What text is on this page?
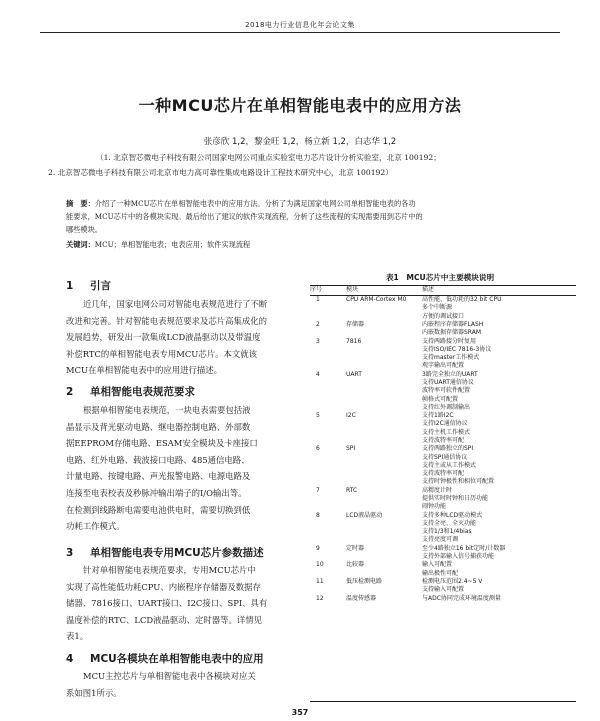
2018电力行业信息化年会论文集
一种MCU芯片在单相智能电表中的应用方法
张彦欣 1,2，黎金旺 1,2，杨立新 1,2，白志华 1,2
（1. 北京智芯微电子科技有限公司国家电网公司重点实验室电力芯片设计分析实验室，北京 100192；
2. 北京智芯微电子科技有限公司北京市电力高可靠性集成电路设计工程技术研究中心，北京 100192）
摘　要：介绍了一种MCU芯片在单相智能电表中的应用方法。分析了为满足国家电网公司单相智能电表的各功
能要求，MCU芯片中的各模块实现。最后给出了建议的软件实现流程，分析了这些流程的实现需要用到芯片中的
哪些模块。
关键词：MCU；单相智能电表；电表应用；软件实现流程
1 引言
近几年，国家电网公司对智能电表规范进行了不断
改进和完善。针对智能电表规范要求及芯片高集成化的
发展趋势，研发出一款集成LCD液晶驱动以及带温度
补偿RTC的单相智能电表专用MCU芯片。本文就该
MCU在单相智能电表中的应用进行描述。
2 单相智能电表规范要求
根据单相智能电表规范，一块电表需要包括液
晶显示及背光驱动电路、继电器控制电路、外部数
据EEPROM存储电路、ESAM安全模块及卡座接口
电路、红外电路、载波接口电路、485通信电路、
计量电路、按键电路、声光报警电路、电源电路及
连接至电表校表及秒脉冲输出端子的I/O输出等。
在检测到线路断电需要电池供电时，需要切换到低
功耗工作模式。
3 单相智能电表专用MCU芯片参数描述
针对单相智能电表规范要求，专用MCU芯片中
实现了高性能低功耗CPU、内嵌程序存储器及数据存
储器、7816接口、UART接口、I2C接口、SPI、具有
温度补偿的RTC、LCD液晶驱动、定时器等。详情见
表1。
4 MCU各模块在单相智能电表中的应用
MCU主控芯片与单相智能电表中各模块对应关
系如图1所示。
表1　MCU芯片中主要模块说明
序号	模块	描述
1	CPU ARM-Cortex M0	高性能、低功耗的32 bit CPU
多个中断源
方便的调试接口

2	存储器	内嵌程序存储器FLASH
内嵌数据存储器SRAM

3	7816	支持两路接分时复用
支持ISO/IEC 7816-3协议
支持master工作模式
观字输出可配置

4	UART	3路完全独立的UART
支持UART通信协议
波特率可软件配置
帧格式可配置
支持红外调制输出

5	I2C	支持1路I2C
支持I2C通信协议
支持主机工作模式
支持波特率可配

6	SPI	支持两路独立的SPI
支持SPI通信协议
支持主或从工作模式
支持波特率可配
支持时钟极性和相位可配置

7	RTC	高精度计时
提供实时时钟和日历功能
闹钟功能

8	LCD液晶驱动	支持多种LCD驱动模式
支持全亮、全灭功能
支持1/3和1/4bias
支持亮度可调

9	定时器	至少4路独立16 bit定时/计数器
支持外部输入信号捕获功能

10	比较器	输入可配置
输出极性可配

11	低压检测电路	检测电压范围2.4~5 V
支持输入可配置

12	温度传感器	与ADC协同完成环境温度测量
357
